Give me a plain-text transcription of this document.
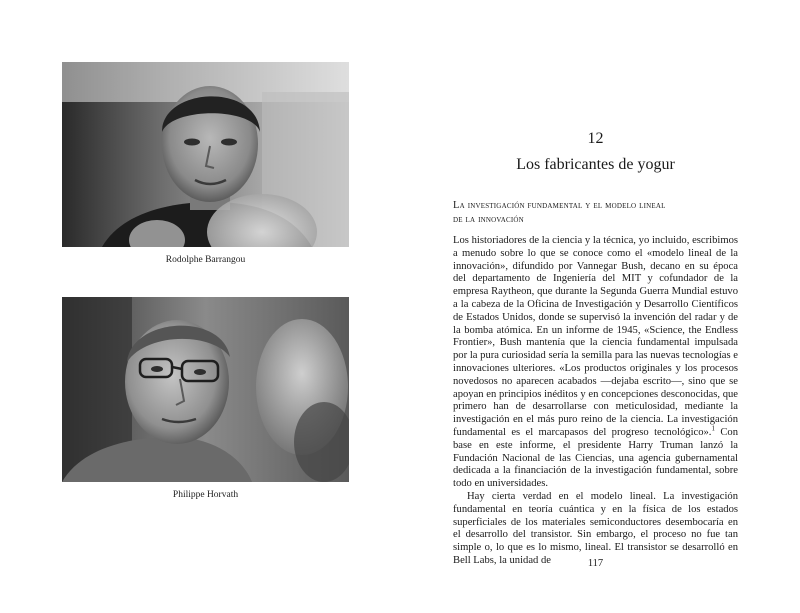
Rodolphe Barrangou
Philippe Horvath
12
Los fabricantes de yogur
La investigación fundamental y el modelo lineal
de la innovación

Los historiadores de la ciencia y la técnica, yo incluido, escribimos a menudo sobre lo que se conoce como el «modelo lineal de la innovación», difundido por Vannegar Bush, decano en su época del departamento de Ingeniería del MIT y cofundador de la empresa Raytheon, que durante la Segunda Guerra Mundial estuvo a la cabeza de la Oficina de Investigación y Desarrollo Científicos de Estados Unidos, donde se supervisó la invención del radar y de la bomba atómica. En un informe de 1945, «Science, the Endless Frontier», Bush mantenía que la ciencia fundamental impulsada por la pura curiosidad sería la semilla para las nuevas tecnologías e innovaciones ulteriores. «Los productos originales y los procesos novedosos no aparecen acabados —dejaba escrito—, sino que se apoyan en principios inéditos y en concepciones desconocidas, que primero han de desarrollarse con meticulosidad, mediante la investigación en el más puro reino de la ciencia. La investigación fundamental es el marcapasos del progreso tecnológico».$^1$ Con base en este informe, el presidente Harry Truman lanzó la Fundación Nacional de las Ciencias, una agencia gubernamental dedicada a la financiación de la investigación fundamental, sobre todo en universidades.

Hay cierta verdad en el modelo lineal. La investigación fundamental en teoría cuántica y en la física de los estados superficiales de los materiales semiconductores desembocaría en el desarrollo del transistor. Sin embargo, el proceso no fue tan simple o, lo que es lo mismo, lineal. El transistor se desarrolló en Bell Labs, la unidad de	117
